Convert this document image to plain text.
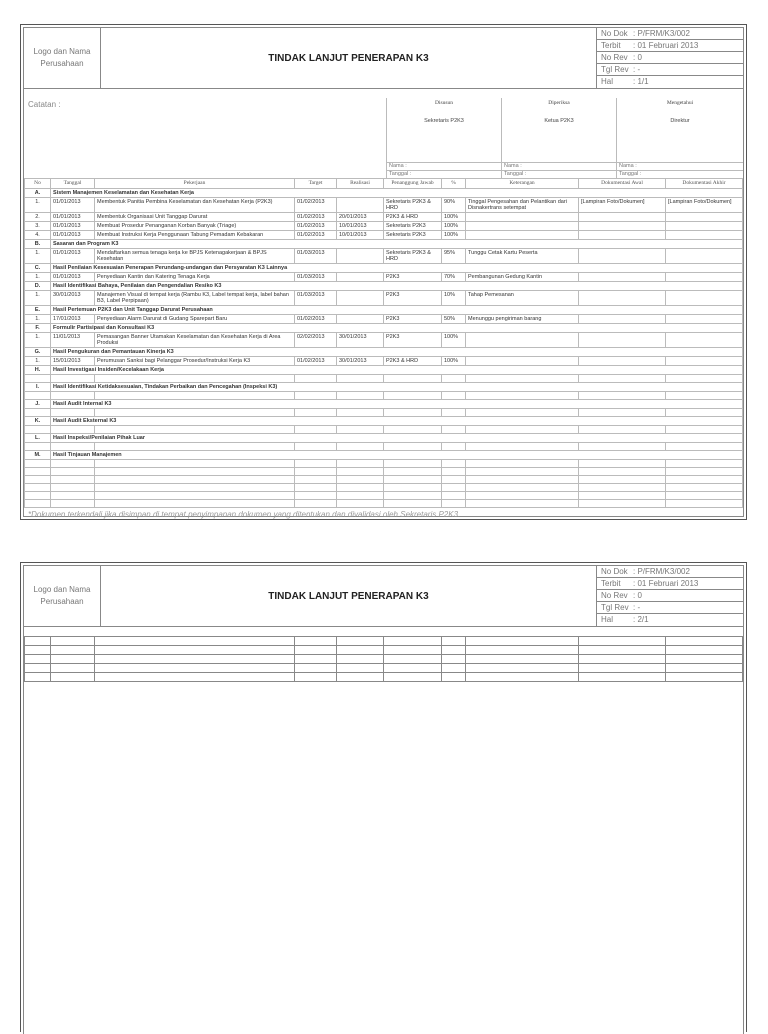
Logo dan Nama Perusahaan	TINDAK LANJUT PENERAPAN K3
No Dok : P/FRM/K3/002
Terbit : 01 Februari 2013
No Rev : 0
Tgl Rev : -
Hal : 1/1
Catatan :	Disusun
Sekretaris P2K3
Nama :
Tanggal :
Diperiksa
Ketua P2K3
Nama :
Tanggal :
Mengetahui
Direktur
Nama :
Tanggal :
No	Tanggal	Pekerjaan	Target	Realisasi	Penanggung Jawab	%	Keterangan	Dokumentasi Awal	Dokumentasi Akhir
A.	Sistem Manajemen Keselamatan dan Kesehatan Kerja								
1.	01/01/2013	Membentuk Panitia Pembina Keselamatan dan Kesehatan Kerja (P2K3)	01/02/2013		Sekretaris P2K3 & HRD	90%	Tinggal Pengesahan dan Pelantikan dari Disnakertrans setempat	[Lampiran Foto/Dokumen]	[Lampiran Foto/Dokumen]
2.	01/01/2013	Membentuk Organisasi Unit Tanggap Darurat	01/02/2013	20/01/2013	P2K3 & HRD	100%			
3.	01/01/2013	Membuat Prosedur Penanganan Korban Banyak (Triage)	01/02/2013	10/01/2013	Sekretaris P2K3	100%			
4.	01/01/2013	Membuat Instruksi Kerja Penggunaan Tabung Pemadam Kebakaran	01/02/2013	10/01/2013	Sekretaris P2K3	100%			
B.	Sasaran dan Program K3								
1.	01/01/2013	Mendaftarkan semua tenaga kerja ke BPJS Ketenagakerjaan & BPJS Kesehatan	01/03/2013		Sekretaris P2K3 & HRD	95%	Tunggu Cetak Kartu Peserta		
C.	Hasil Penilaian Kesesuaian Penerapan Perundang-undangan dan Persyaratan K3 Lainnya								
1.	01/01/2013	Penyediaan Kantin dan Katering Tenaga Kerja	01/03/2013		P2K3	70%	Pembangunan Gedung Kantin		
D.	Hasil Identifikasi Bahaya, Penilaian dan Pengendalian Resiko K3								
1.	30/01/2013	Manajemen Visual di tempat kerja (Rambu K3, Label tempat kerja, label bahan B3, Label Perpipaan)	01/03/2013		P2K3	10%	Tahap Pemesanan		
E.	Hasil Pertemuan P2K3 dan Unit Tanggap Darurat Perusahaan								
1.	17/01/2013	Penyediaan Alarm Darurat di Gudang Sparepart Baru	01/02/2013		P2K3	50%	Menunggu pengiriman barang		
F.	Formulir Partisipasi dan Konsultasi K3								
1.	11/01/2013	Pemasangan Banner Utamakan Keselamatan dan Kesehatan Kerja di Area Produksi	02/02/2013	30/01/2013	P2K3	100%			
G.	Hasil Pengukuran dan Pemantauan Kinerja K3								
1.	15/01/2013	Perumusan Sanksi bagi Pelanggar Prosedur/Instruksi Kerja K3	01/02/2013	30/01/2013	P2K3 & HRD	100%			
H.	Hasil Investigasi Insiden/Kecelakaan Kerja								

I.	Hasil Identifikasi Ketidaksesuaian, Tindakan Perbaikan dan Pencegahan (Inspeksi K3)								

J.	Hasil Audit Internal K3								

K.	Hasil Audit Eksternal K3								

L.	Hasil Inspeksi/Penilaian Pihak Luar								

M.	Hasil Tinjauan Manajemen								

*Dokumen terkendali jika disimpan di tempat penyimpanan dokumen yang ditentukan dan divalidasi oleh Sekretaris P2K3.
Logo dan Nama Perusahaan	TINDAK LANJUT PENERAPAN K3
No Dok : P/FRM/K3/002
Terbit : 01 Februari 2013
No Rev : 0
Tgl Rev : -
Hal : 2/1
